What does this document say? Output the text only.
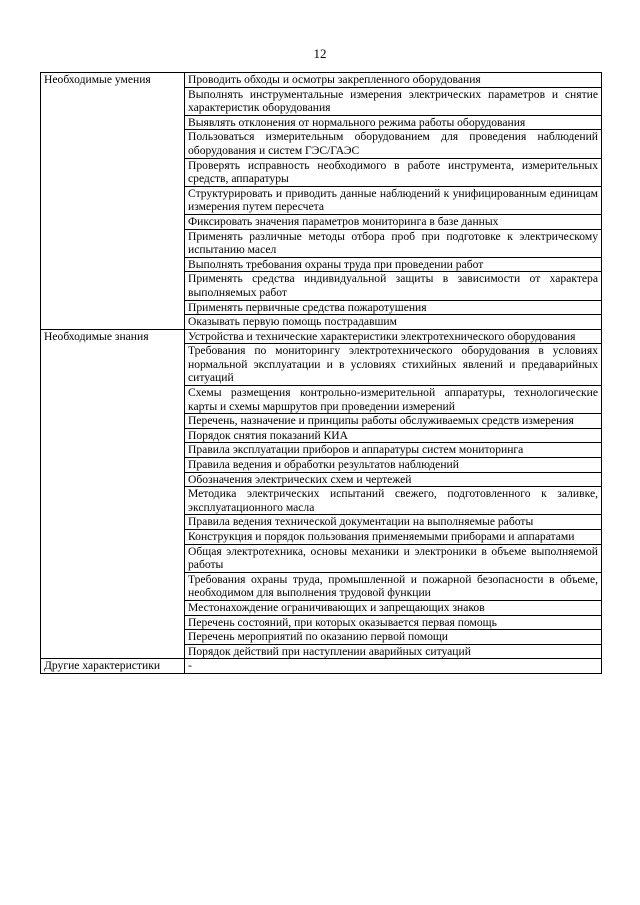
12
Необходимые умения	Проводить обходы и осмотры закрепленного оборудования
	Выполнять инструментальные измерения электрических параметров и снятие характеристик оборудования
	Выявлять отклонения от нормального режима работы оборудования
	Пользоваться измерительным оборудованием для проведения наблюдений оборудования и систем ГЭС/ГАЭС
	Проверять исправность необходимого в работе инструмента, измерительных средств, аппаратуры
	Структурировать и приводить данные наблюдений к унифицированным единицам измерения путем пересчета
	Фиксировать значения параметров мониторинга в базе данных
	Применять различные методы отбора проб при подготовке к электрическому испытанию масел
	Выполнять требования охраны труда при проведении работ
	Применять средства индивидуальной защиты в зависимости от характера выполняемых работ
	Применять первичные средства пожаротушения
	Оказывать первую помощь пострадавшим
Необходимые знания	Устройства и технические характеристики электротехнического оборудования
	Требования по мониторингу электротехнического оборудования в условиях нормальной эксплуатации и в условиях стихийных явлений и предаварийных ситуаций
	Схемы размещения контрольно-измерительной аппаратуры, технологические карты и схемы маршрутов при проведении измерений
	Перечень, назначение и принципы работы обслуживаемых средств измерения
	Порядок снятия показаний КИА
	Правила эксплуатации приборов и аппаратуры систем мониторинга
	Правила ведения и обработки результатов наблюдений
	Обозначения электрических схем и чертежей
	Методика электрических испытаний свежего, подготовленного к заливке, эксплуатационного масла
	Правила ведения технической документации на выполняемые работы
	Конструкция и порядок пользования применяемыми приборами и аппаратами
	Общая электротехника, основы механики и электроники в объеме выполняемой работы
	Требования охраны труда, промышленной и пожарной безопасности в объеме, необходимом для выполнения трудовой функции
	Местонахождение ограничивающих и запрещающих знаков
	Перечень состояний, при которых оказывается первая помощь
	Перечень мероприятий по оказанию первой помощи
	Порядок действий при наступлении аварийных ситуаций
Другие характеристики	-
